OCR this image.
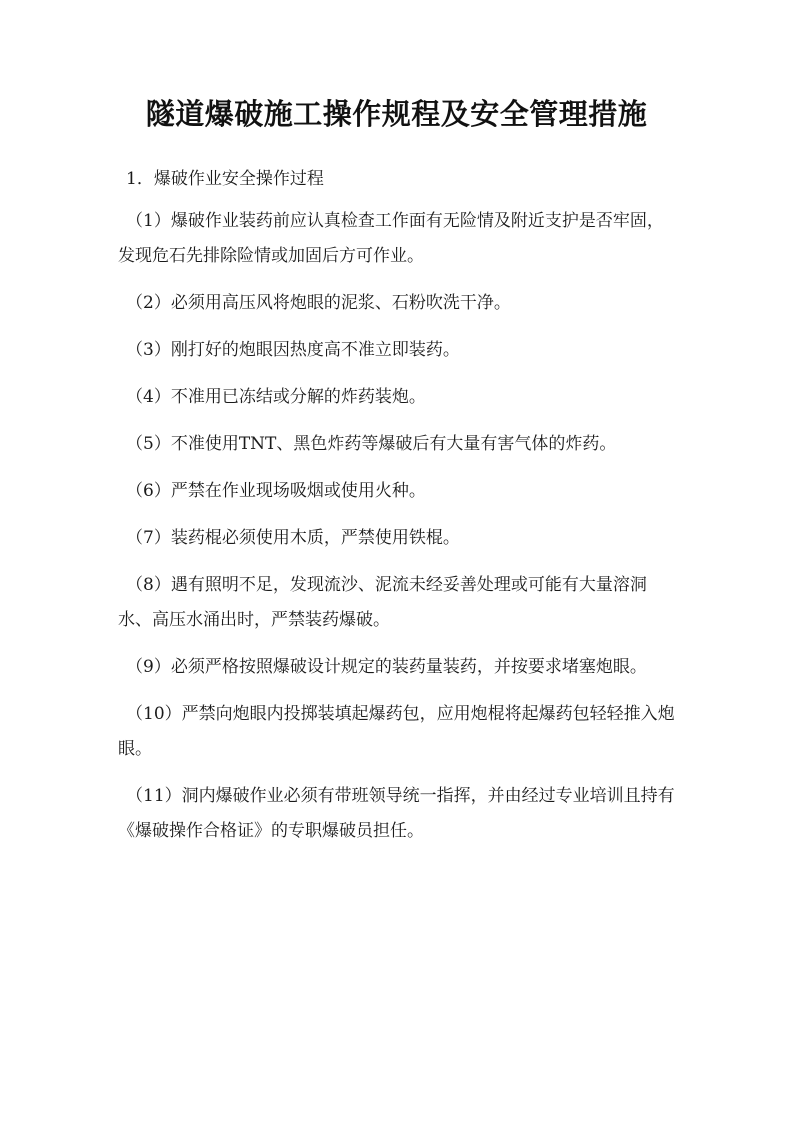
隧道爆破施工操作规程及安全管理措施
1．爆破作业安全操作过程
（1）爆破作业装药前应认真检查工作面有无险情及附近支护是否牢固，发现危石先排除险情或加固后方可作业。
（2）必须用高压风将炮眼的泥浆、石粉吹洗干净。
（3）刚打好的炮眼因热度高不准立即装药。
（4）不准用已冻结或分解的炸药装炮。
（5）不准使用TNT、黑色炸药等爆破后有大量有害气体的炸药。
（6）严禁在作业现场吸烟或使用火种。
（7）装药棍必须使用木质，严禁使用铁棍。
（8）遇有照明不足，发现流沙、泥流未经妥善处理或可能有大量溶洞水、高压水涌出时，严禁装药爆破。
（9）必须严格按照爆破设计规定的装药量装药，并按要求堵塞炮眼。
（10）严禁向炮眼内投掷装填起爆药包，应用炮棍将起爆药包轻轻推入炮眼。
（11）洞内爆破作业必须有带班领导统一指挥，并由经过专业培训且持有《爆破操作合格证》的专职爆破员担任。
